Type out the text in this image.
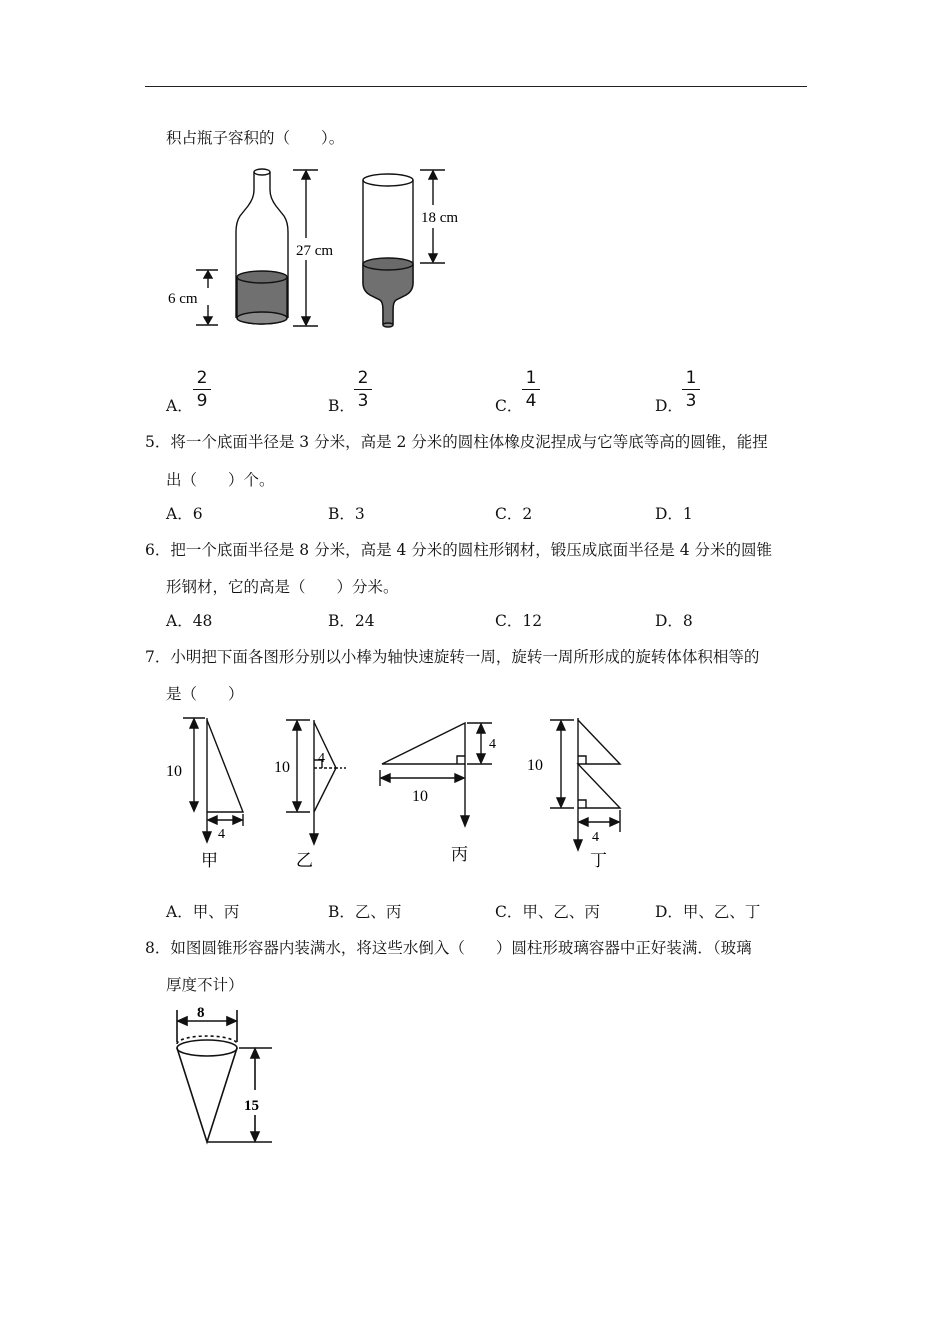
积占瓶子容积的（　　）。
6 cm
27 cm
18 cm
A．
2
9	B．
2
3	C．
1
4	D．
1
3
5．将一个底面半径是 3 分米，高是 2 分米的圆柱体橡皮泥捏成与它等底等高的圆锥，能捏
出（　　）个。
A．6	B．3	C．2	D．1
6．把一个底面半径是 8 分米，高是 4 分米的圆柱形钢材，锻压成底面半径是 4 分米的圆锥
形钢材，它的高是（　　）分米。
A．48	B．24	C．12	D．8
7．小明把下面各图形分别以小棒为轴快速旋转一周，旋转一周所形成的旋转体体积相等的
是（　　）
10
4
甲
10
4
乙
4
10
丙
10
4
丁
A．甲、丙	B．乙、丙	C．甲、乙、丙	D．甲、乙、丁
8．如图圆锥形容器内装满水，将这些水倒入（　　）圆柱形玻璃容器中正好装满．（玻璃
厚度不计）
8
15
